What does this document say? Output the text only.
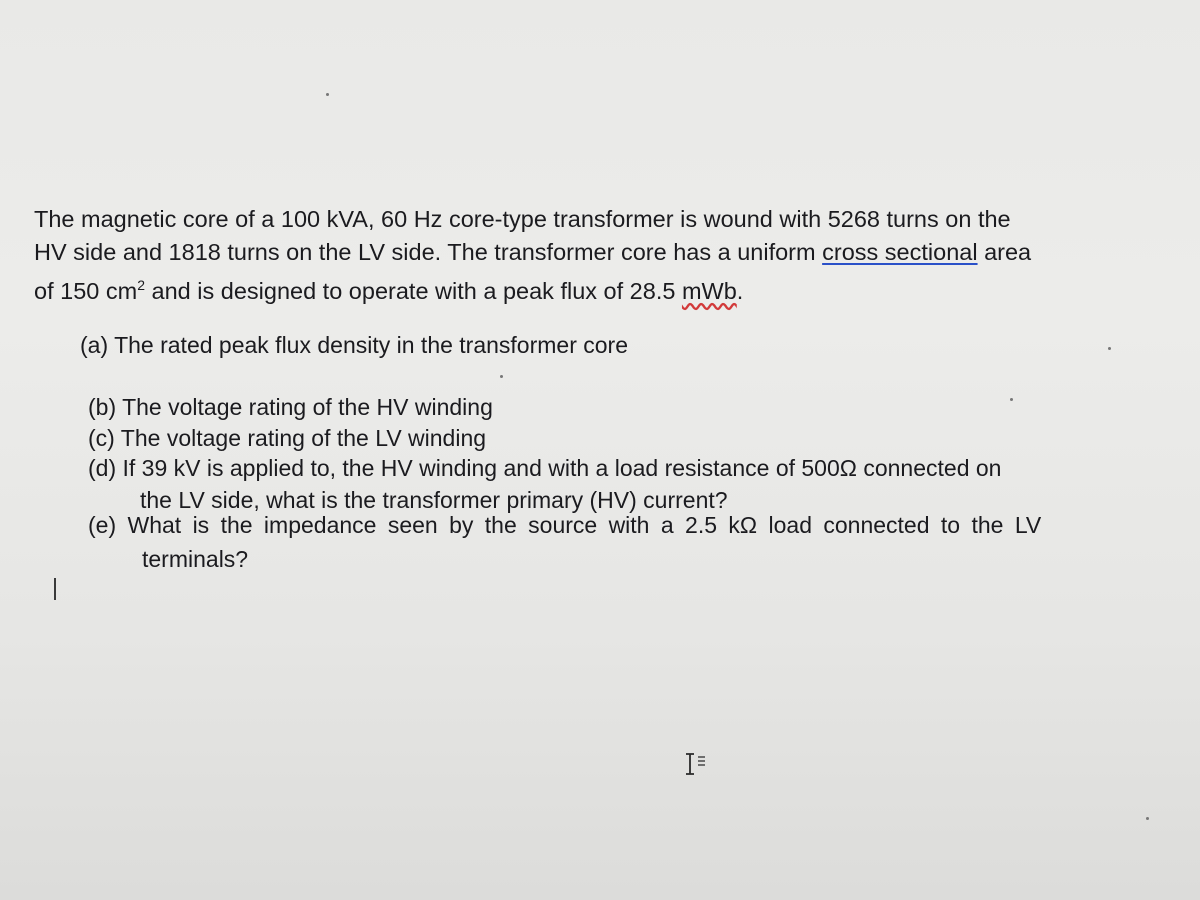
The magnetic core of a 100 kVA, 60 Hz core-type transformer is wound with 5268 turns on the
HV side and 1818 turns on the LV side. The transformer core has a uniform cross sectional area
of 150 $cm^2$ and is designed to operate with a peak flux of 28.5 mWb.
(a) The rated peak flux density in the transformer core
(b) The voltage rating of the HV winding
(c) The voltage rating of the LV winding
(d) If 39 kV is applied to, the HV winding and with a load resistance of 500Ω connected on
the LV side, what is the transformer primary (HV) current?
(e) What is the impedance seen by the source with a 2.5 kΩ load connected to the LV
terminals?
